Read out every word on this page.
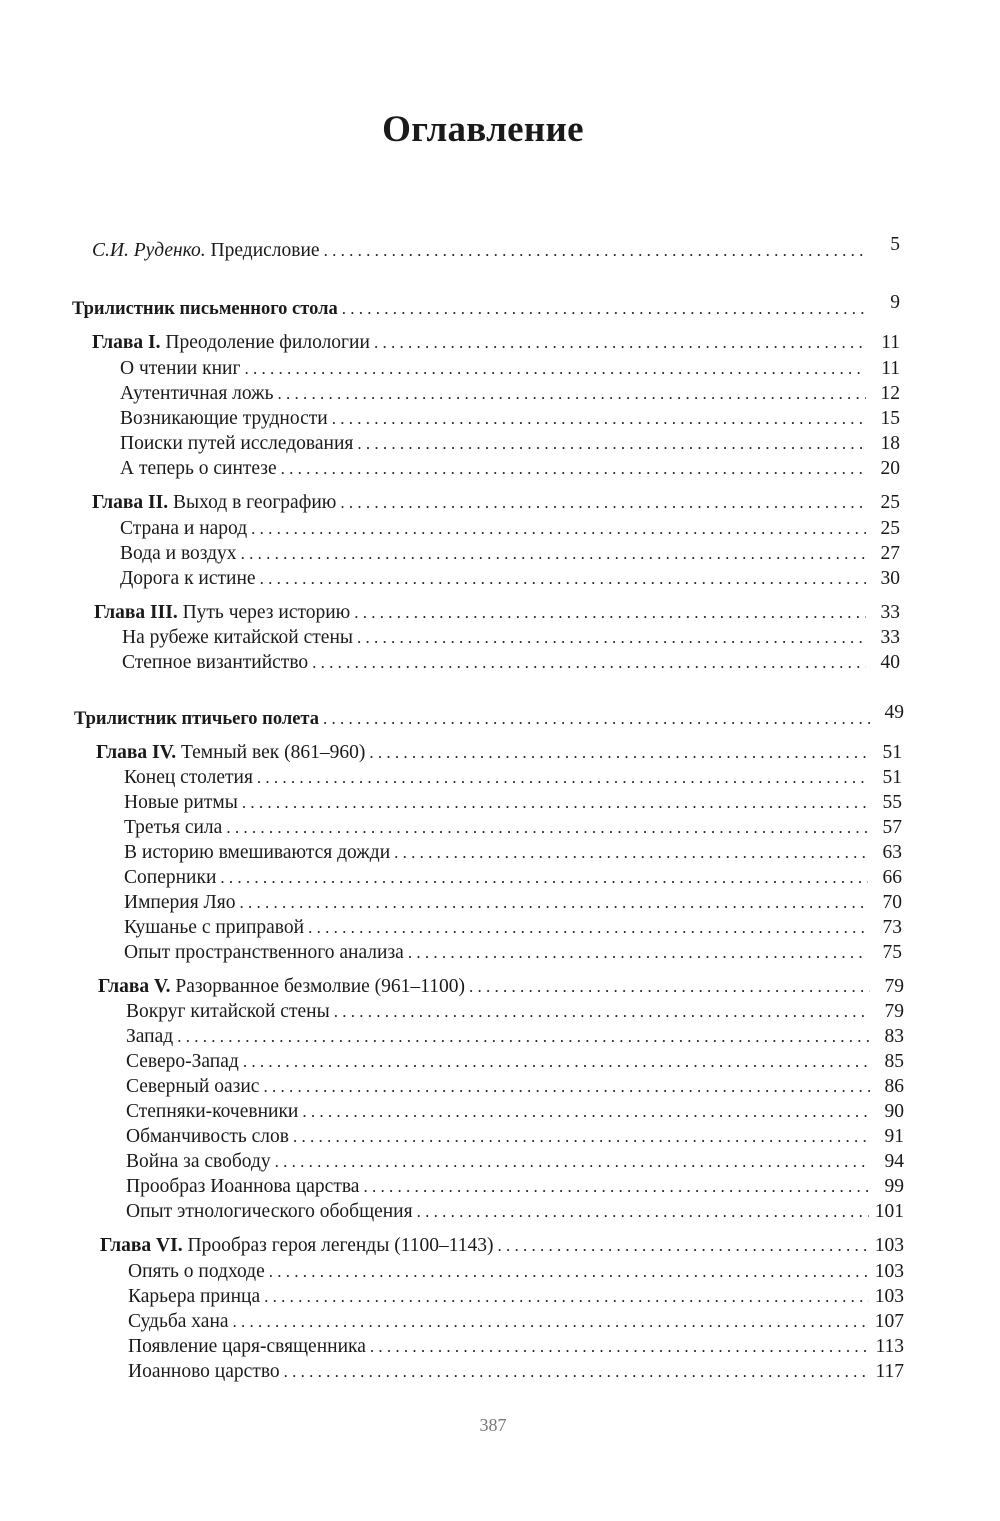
Оглавление
С.И. Руденко. Предисловие . . .	5
Трилистник письменного стола . . .	9
Глава I. Преодоление филологии . . .	11
О чтении книг . . .	11
Аутентичная ложь . . .	12
Возникающие трудности . . .	15
Поиски путей исследования . . .	18
А теперь о синтезе . . .	20
Глава II. Выход в географию . . .	25
Страна и народ . . .	25
Вода и воздух . . .	27
Дорога к истине . . .	30
Глава III. Путь через историю . . .	33
На рубеже китайской стены . . .	33
Степное византийство . . .	40
Трилистник птичьего полета . . .	49
Глава IV. Темный век (861–960) . . .	51
Конец столетия . . .	51
Новые ритмы . . .	55
Третья сила . . .	57
В историю вмешиваются дожди . . .	63
Соперники . . .	66
Империя Ляо . . .	70
Кушанье с приправой . . .	73
Опыт пространственного анализа . . .	75
Глава V. Разорванное безмолвие (961–1100) . . .	79
Вокруг китайской стены . . .	79
Запад . . .	83
Северо-Запад . . .	85
Северный оазис . . .	86
Степняки-кочевники . . .	90
Обманчивость слов . . .	91
Война за свободу . . .	94
Прообраз Иоаннова царства . . .	99
Опыт этнологического обобщения . . .	101
Глава VI. Прообраз героя легенды (1100–1143) . . .	103
Опять о подходе . . .	103
Карьера принца . . .	103
Судьба хана . . .	107
Появление царя-священника . . .	113
Иоанново царство . . .	117
387
